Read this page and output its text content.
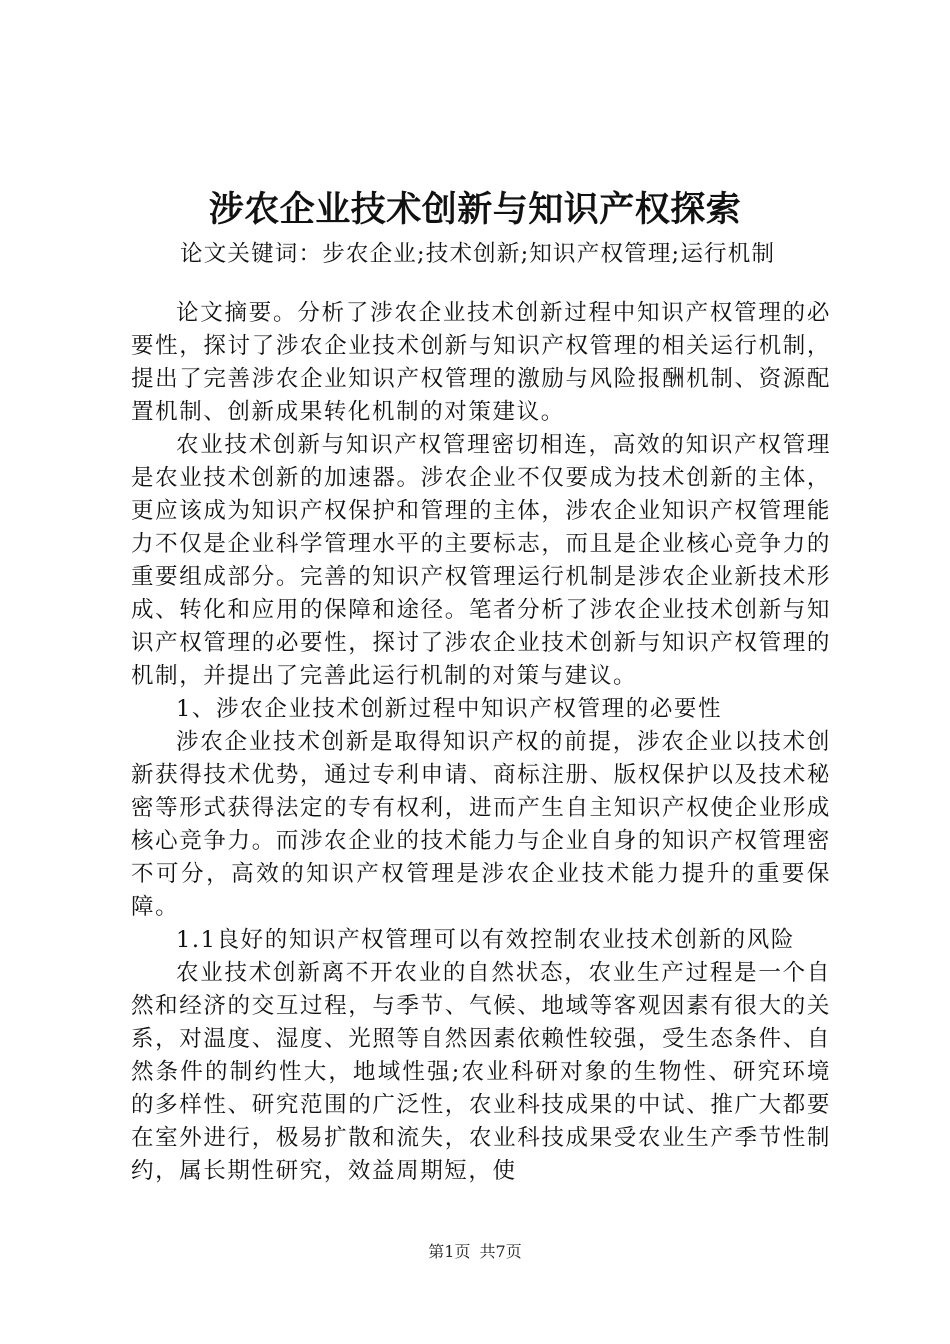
涉农企业技术创新与知识产权探索
论文关键词：步农企业;技术创新;知识产权管理;运行机制

论文摘要。分析了涉农企业技术创新过程中知识产权管理的必要性，探讨了涉农企业技术创新与知识产权管理的相关运行机制，提出了完善涉农企业知识产权管理的激励与风险报酬机制、资源配置机制、创新成果转化机制的对策建议。

农业技术创新与知识产权管理密切相连，高效的知识产权管理是农业技术创新的加速器。涉农企业不仅要成为技术创新的主体，更应该成为知识产权保护和管理的主体，涉农企业知识产权管理能力不仅是企业科学管理水平的主要标志，而且是企业核心竞争力的重要组成部分。完善的知识产权管理运行机制是涉农企业新技术形成、转化和应用的保障和途径。笔者分析了涉农企业技术创新与知识产权管理的必要性，探讨了涉农企业技术创新与知识产权管理的机制，并提出了完善此运行机制的对策与建议。

1、涉农企业技术创新过程中知识产权管理的必要性

涉农企业技术创新是取得知识产权的前提，涉农企业以技术创新获得技术优势，通过专利申请、商标注册、版权保护以及技术秘密等形式获得法定的专有权利，进而产生自主知识产权使企业形成核心竞争力。而涉农企业的技术能力与企业自身的知识产权管理密不可分，高效的知识产权管理是涉农企业技术能力提升的重要保障。

1.1良好的知识产权管理可以有效控制农业技术创新的风险

农业技术创新离不开农业的自然状态，农业生产过程是一个自然和经济的交互过程，与季节、气候、地域等客观因素有很大的关系，对温度、湿度、光照等自然因素依赖性较强，受生态条件、自然条件的制约性大，地域性强;农业科研对象的生物性、研究环境的多样性、研究范围的广泛性，农业科技成果的中试、推广大都要在室外进行，极易扩散和流失，农业科技成果受农业生产季节性制约，属长期性研究，效益周期短，使

第1页 共7页
